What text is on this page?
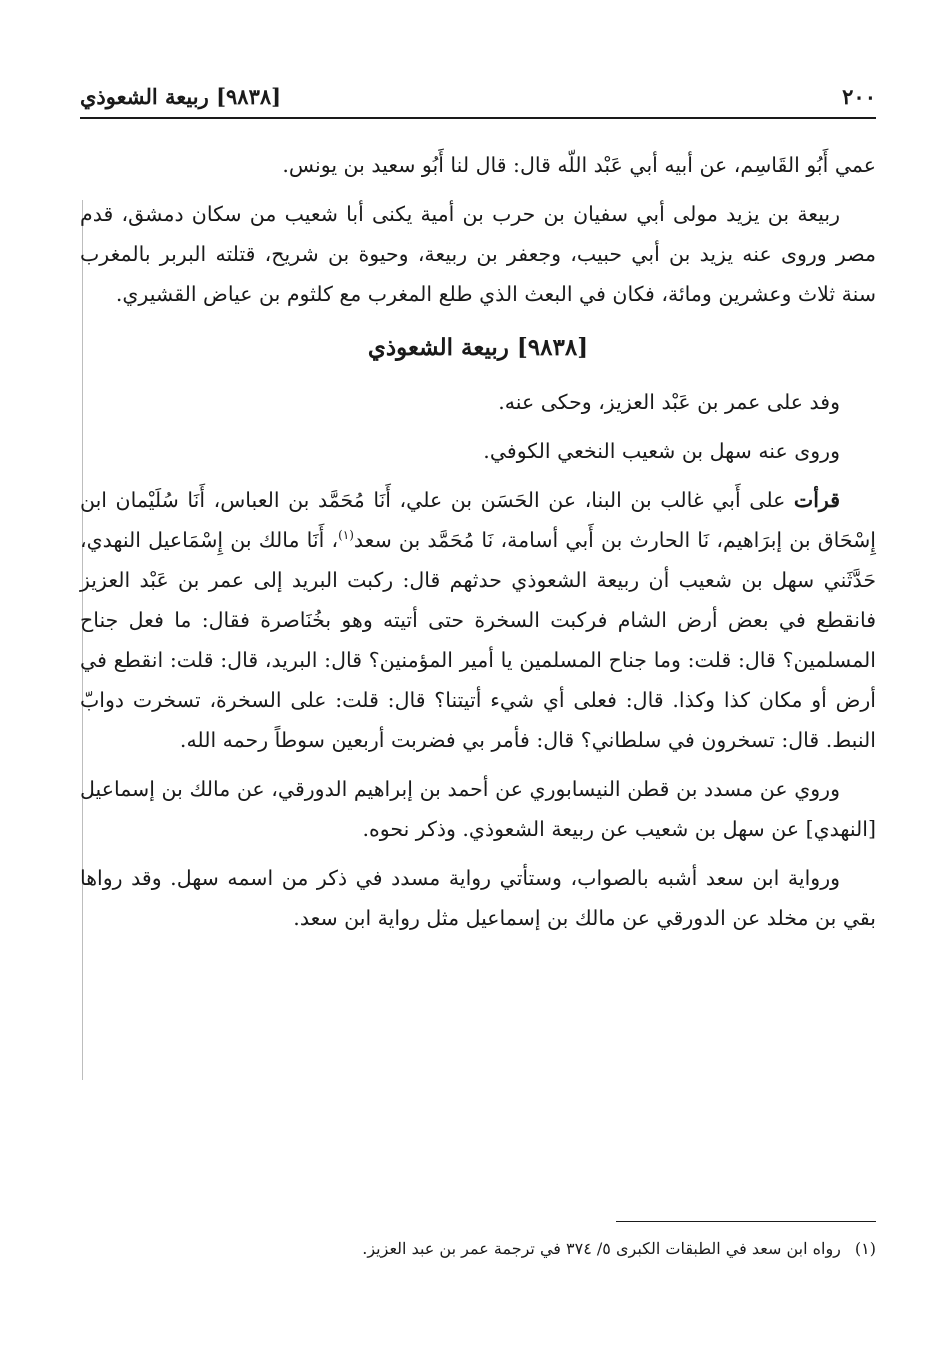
٢٠٠
[٩٨٣٨] ربيعة الشعوذي

عمي أَبُو القَاسِم، عن أبيه أبي عَبْد اللّه قال: قال لنا أَبُو سعيد بن يونس.

ربيعة بن يزيد مولى أبي سفيان بن حرب بن أمية يكنى أبا شعيب من سكان دمشق، قدم مصر وروى عنه يزيد بن أبي حبيب، وجعفر بن ربيعة، وحيوة بن شريح، قتلته البربر بالمغرب سنة ثلاث وعشرين ومائة، فكان في البعث الذي طلع المغرب مع كلثوم بن عياض القشيري.

[٩٨٣٨] ربيعة الشعوذي

وفد على عمر بن عَبْد العزيز، وحكى عنه.

وروى عنه سهل بن شعيب النخعي الكوفي.

قرأت على أَبي غالب بن البنا، عن الحَسَن بن علي، أَنَا مُحَمَّد بن العباس، أَنَا سُلَيْمان ابن إِسْحَاق بن إبرَاهيم، نَا الحارث بن أَبي أسامة، نَا مُحَمَّد بن سعد$^{(١)}$، أَنَا مالك بن إِسْمَاعيل النهدي، حَدَّثَني سهل بن شعيب أن ربيعة الشعوذي حدثهم قال: ركبت البريد إلى عمر بن عَبْد العزيز فانقطع في بعض أرض الشام فركبت السخرة حتى أتيته وهو بخُنَاصرة فقال: ما فعل جناح المسلمين؟ قال: قلت: وما جناح المسلمين يا أمير المؤمنين؟ قال: البريد، قال: قلت: انقطع في أرض أو مكان كذا وكذا. قال: فعلى أي شيء أتيتنا؟ قال: قلت: على السخرة، تسخرت دوابّ النبط. قال: تسخرون في سلطاني؟ قال: فأمر بي فضربت أربعين سوطاً رحمه الله.

وروي عن مسدد بن قطن النيسابوري عن أحمد بن إبراهيم الدورقي، عن مالك بن إسماعيل [النهدي] عن سهل بن شعيب عن ربيعة الشعوذي. وذكر نحوه.

ورواية ابن سعد أشبه بالصواب، وستأتي رواية مسدد في ذكر من اسمه سهل. وقد رواها بقي بن مخلد عن الدورقي عن مالك بن إسماعيل مثل رواية ابن سعد.

(١)رواه ابن سعد في الطبقات الكبرى ٥/ ٣٧٤ في ترجمة عمر بن عبد العزيز.
